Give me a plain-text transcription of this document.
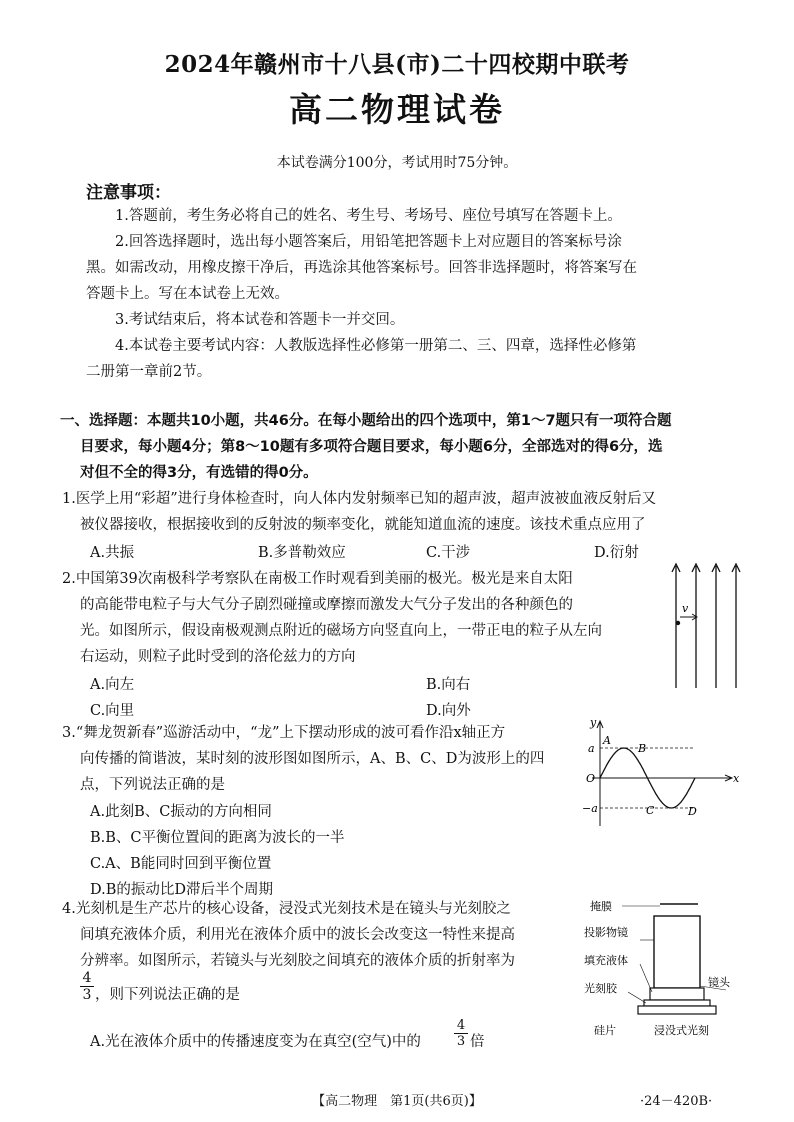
2024年赣州市十八县(市)二十四校期中联考
高二物理试卷
本试卷满分100分，考试用时75分钟。
注意事项：
1.答题前，考生务必将自己的姓名、考生号、考场号、座位号填写在答题卡上。
2.回答选择题时，选出每小题答案后，用铅笔把答题卡上对应题目的答案标号涂
黑。如需改动，用橡皮擦干净后，再选涂其他答案标号。回答非选择题时，将答案写在
答题卡上。写在本试卷上无效。
3.考试结束后，将本试卷和答题卡一并交回。
4.本试卷主要考试内容：人教版选择性必修第一册第二、三、四章，选择性必修第
二册第一章前2节。
一、选择题：本题共10小题，共46分。在每小题给出的四个选项中，第1～7题只有一项符合题
目要求，每小题4分；第8～10题有多项符合题目要求，每小题6分，全部选对的得6分，选
对但不全的得3分，有选错的得0分。
1.医学上用“彩超”进行身体检查时，向人体内发射频率已知的超声波，超声波被血液反射后又
被仪器接收，根据接收到的反射波的频率变化，就能知道血流的速度。该技术重点应用了
A.共振	B.多普勒效应	C.干涉	D.衍射
2.中国第39次南极科学考察队在南极工作时观看到美丽的极光。极光是来自太阳
的高能带电粒子与大气分子剧烈碰撞或摩擦而激发大气分子发出的各种颜色的
光。如图所示，假设南极观测点附近的磁场方向竖直向上，一带正电的粒子从左向
右运动，则粒子此时受到的洛伦兹力的方向
A.向左	B.向右
C.向里	D.向外
v
3.“舞龙贺新春”巡游活动中，“龙”上下摆动形成的波可看作沿x轴正方
向传播的简谐波，某时刻的波形图如图所示，A、B、C、D为波形上的四
点，下列说法正确的是
A.此刻B、C振动的方向相同
B.B、C平衡位置间的距离为波长的一半
C.A、B能同时回到平衡位置
D.B的振动比D滞后半个周期
y
x
a
−a
O
A
B
C	D
4.光刻机是生产芯片的核心设备，浸没式光刻技术是在镜头与光刻胶之
间填充液体介质，利用光在液体介质中的波长会改变这一特性来提高
分辨率。如图所示，若镜头与光刻胶之间填充的液体介质的折射率为
$\frac{4}{3}$ ，则下列说法正确的是
A.光在液体介质中的传播速度变为在真空(空气)中的	$\frac{4}{3}$ 倍
掩膜
投影物镜
填充液体
光刻胶	镜头
硅片	浸没式光刻
【高二物理　第1页(共6页)】	·24－420B·
